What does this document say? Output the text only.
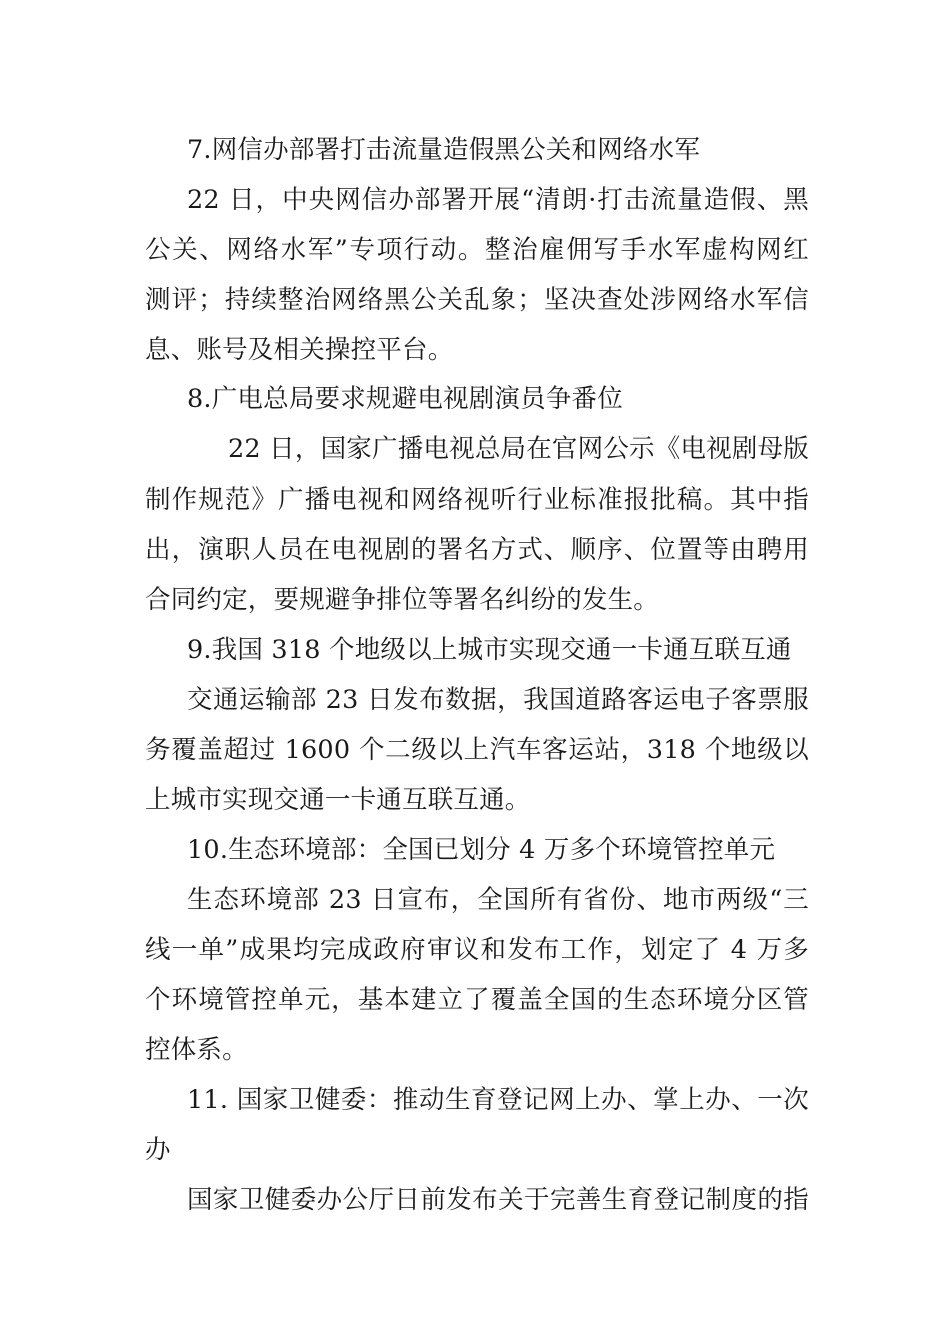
7.网信办部署打击流量造假黑公关和网络水军
22 日，中央网信办部署开展“清朗·打击流量造假、黑
公关、网络水军”专项行动。整治雇佣写手水军虚构网红
测评；持续整治网络黑公关乱象；坚决查处涉网络水军信
息、账号及相关操控平台。
8.广电总局要求规避电视剧演员争番位
22 日，国家广播电视总局在官网公示《电视剧母版
制作规范》广播电视和网络视听行业标准报批稿。其中指
出，演职人员在电视剧的署名方式、顺序、位置等由聘用
合同约定，要规避争排位等署名纠纷的发生。
9.我国 318 个地级以上城市实现交通一卡通互联互通
交通运输部 23 日发布数据，我国道路客运电子客票服
务覆盖超过 1600 个二级以上汽车客运站，318 个地级以
上城市实现交通一卡通互联互通。
10.生态环境部：全国已划分 4 万多个环境管控单元
生态环境部 23 日宣布，全国所有省份、地市两级“三
线一单”成果均完成政府审议和发布工作，划定了 4 万多
个环境管控单元，基本建立了覆盖全国的生态环境分区管
控体系。
11. 国家卫健委：推动生育登记网上办、掌上办、一次
办
国家卫健委办公厅日前发布关于完善生育登记制度的指
